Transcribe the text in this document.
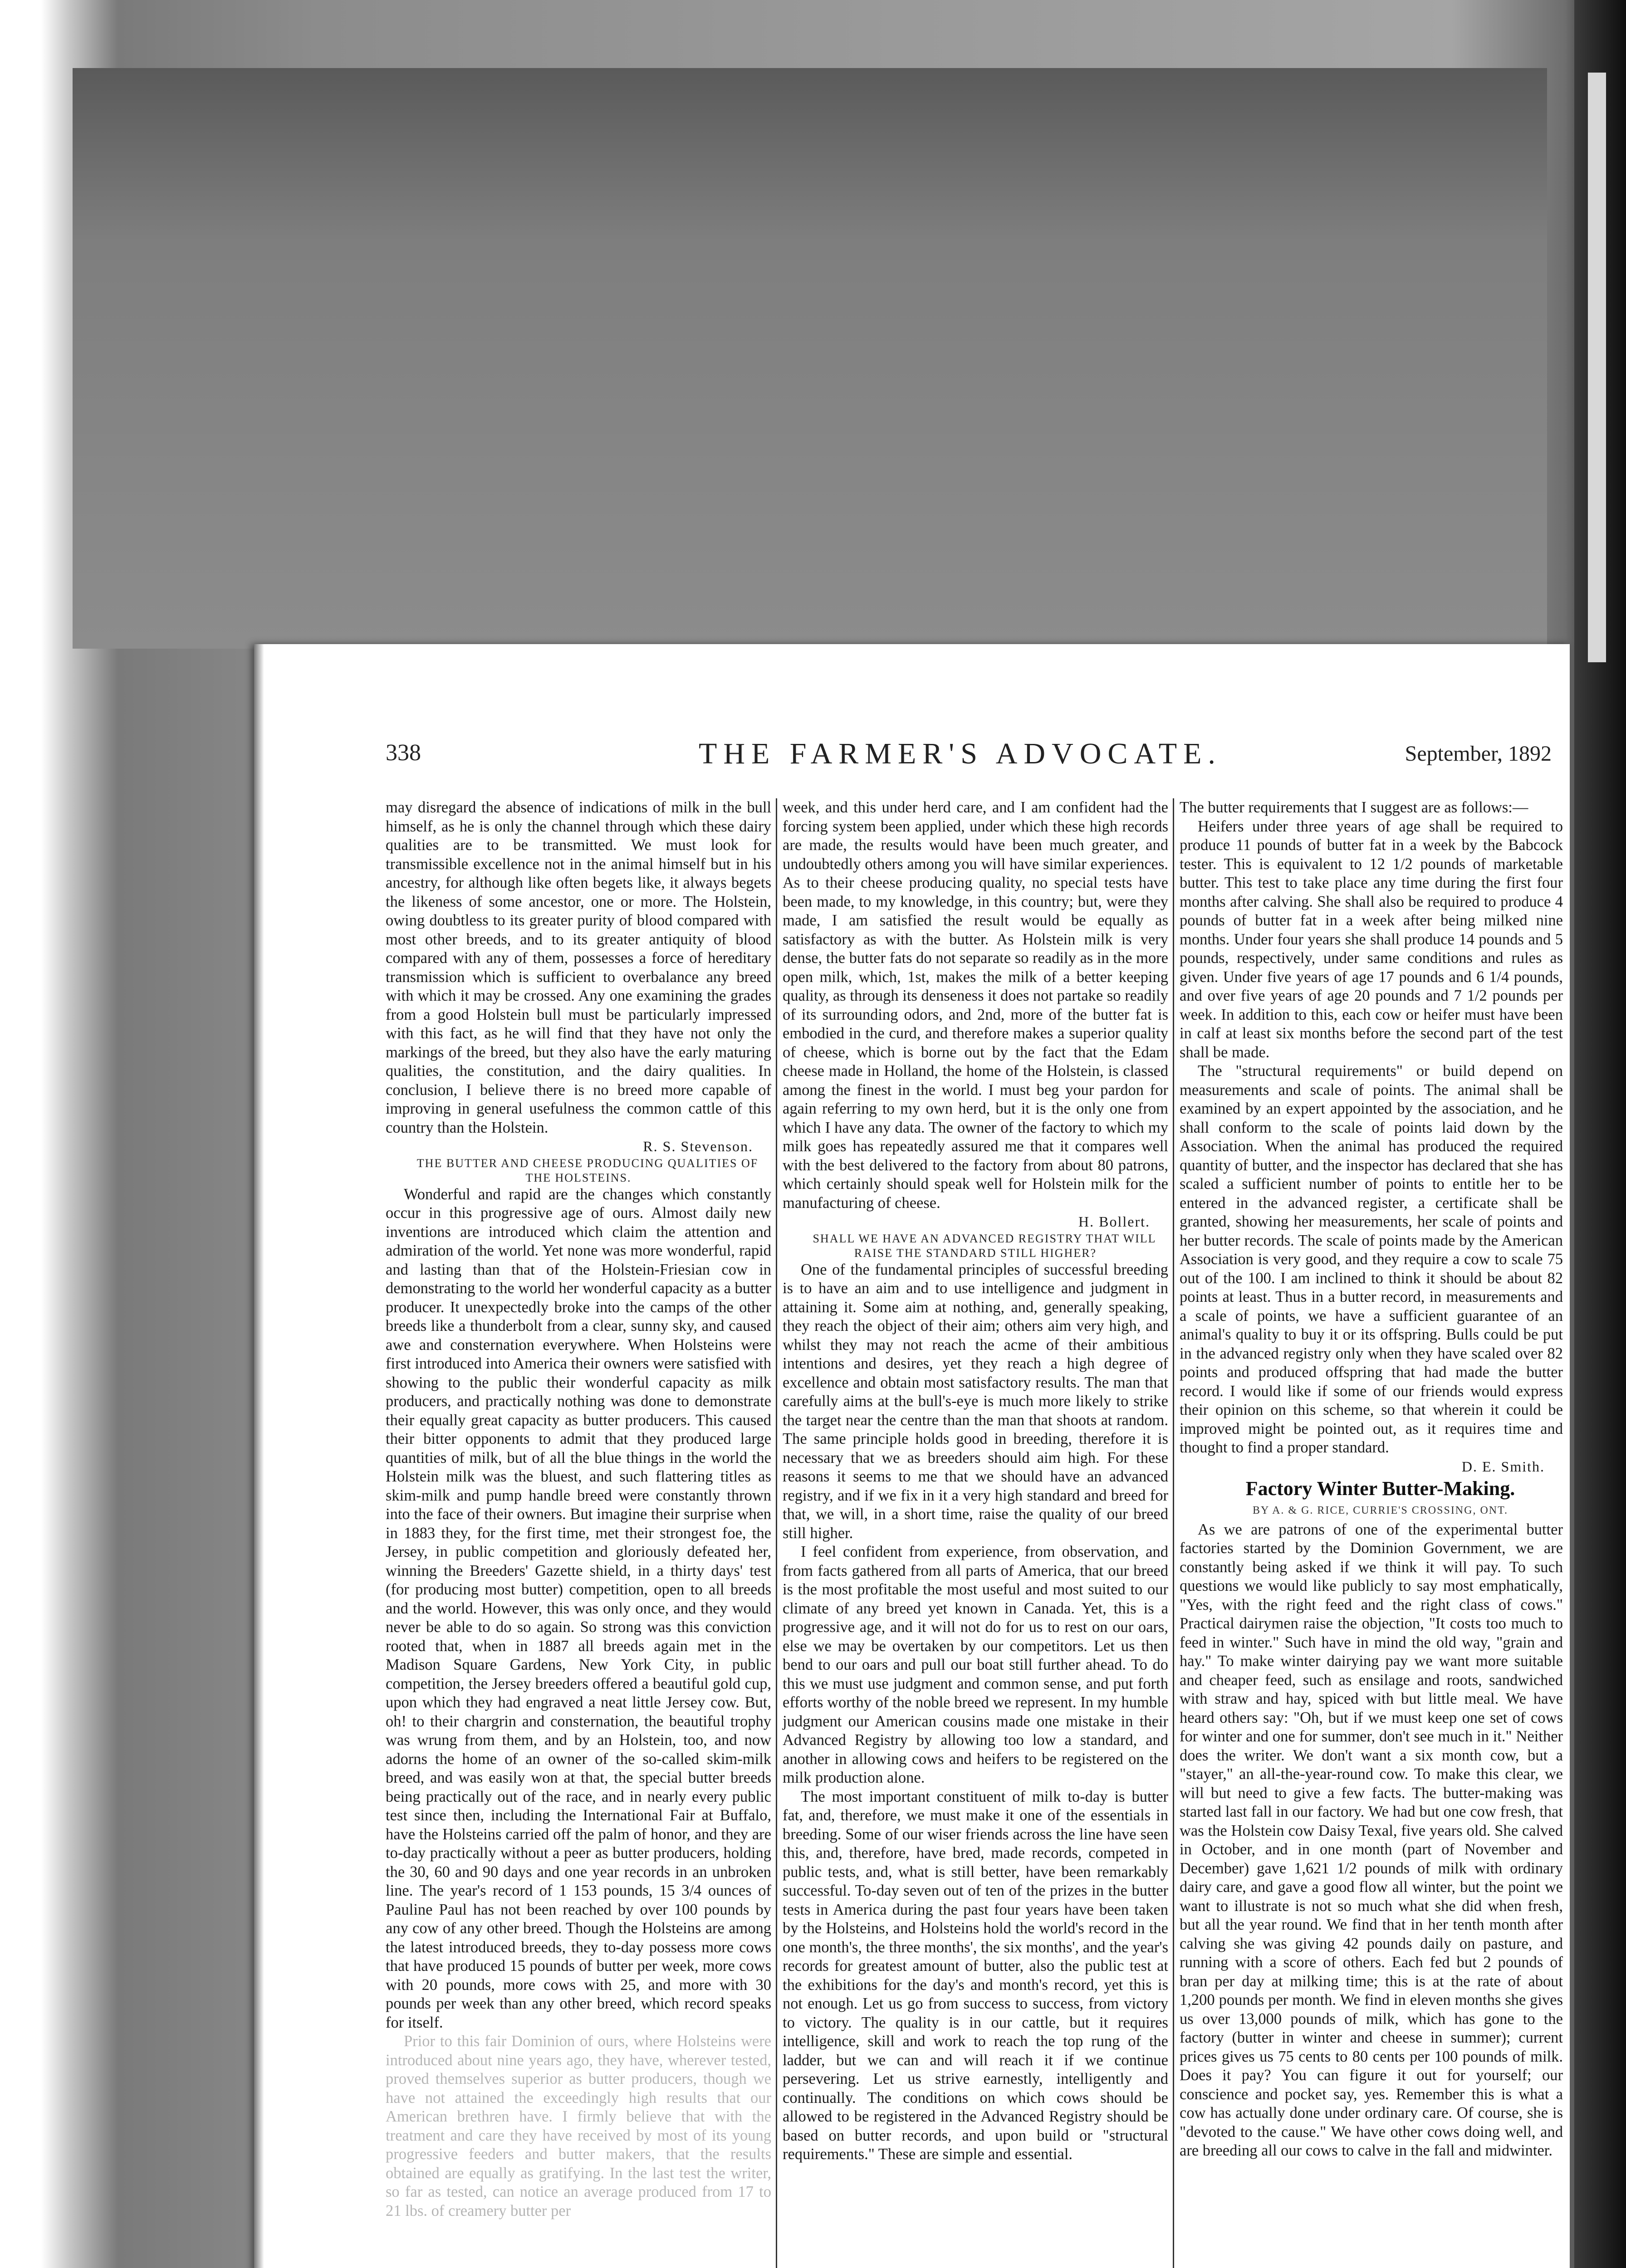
338	THE FARMER'S ADVOCATE.	September, 1892

may disregard the absence of indications of milk in the bull himself, as he is only the channel through which these dairy qualities are to be transmitted. We must look for transmissible excellence not in the animal himself but in his ancestry, for although like often begets like, it always begets the likeness of some ancestor, one or more. The Holstein, owing doubtless to its greater purity of blood compared with most other breeds, and to its greater antiquity of blood compared with any of them, possesses a force of hereditary transmission which is sufficient to overbalance any breed with which it may be crossed. Any one examining the grades from a good Holstein bull must be particularly impressed with this fact, as he will find that they have not only the markings of the breed, but they also have the early maturing qualities, the constitution, and the dairy qualities. In conclusion, I believe there is no breed more capable of improving in general usefulness the common cattle of this country than the Holstein.

R. S. Stevenson.

THE BUTTER AND CHEESE PRODUCING QUALITIES OF THE HOLSTEINS.

Wonderful and rapid are the changes which constantly occur in this progressive age of ours. Almost daily new inventions are introduced which claim the attention and admiration of the world. Yet none was more wonderful, rapid and lasting than that of the Holstein-Friesian cow in demonstrating to the world her wonderful capacity as a butter producer. It unexpectedly broke into the camps of the other breeds like a thunderbolt from a clear, sunny sky, and caused awe and consternation everywhere. When Holsteins were first introduced into America their owners were satisfied with showing to the public their wonderful capacity as milk producers, and practically nothing was done to demonstrate their equally great capacity as butter producers. This caused their bitter opponents to admit that they produced large quantities of milk, but of all the blue things in the world the Holstein milk was the bluest, and such flattering titles as skim-milk and pump handle breed were constantly thrown into the face of their owners. But imagine their surprise when in 1883 they, for the first time, met their strongest foe, the Jersey, in public competition and gloriously defeated her, winning the Breeders' Gazette shield, in a thirty days' test (for producing most butter) competition, open to all breeds and the world. However, this was only once, and they would never be able to do so again. So strong was this conviction rooted that, when in 1887 all breeds again met in the Madison Square Gardens, New York City, in public competition, the Jersey breeders offered a beautiful gold cup, upon which they had engraved a neat little Jersey cow. But, oh! to their chargrin and consternation, the beautiful trophy was wrung from them, and by an Holstein, too, and now adorns the home of an owner of the so-called skim-milk breed, and was easily won at that, the special butter breeds being practically out of the race, and in nearly every public test since then, including the International Fair at Buffalo, have the Holsteins carried off the palm of honor, and they are to-day practically without a peer as butter producers, holding the 30, 60 and 90 days and one year records in an unbroken line. The year's record of 1 153 pounds, 15 3/4 ounces of Pauline Paul has not been reached by over 100 pounds by any cow of any other breed. Though the Holsteins are among the latest introduced breeds, they to-day possess more cows that have produced 15 pounds of butter per week, more cows with 20 pounds, more cows with 25, and more with 30 pounds per week than any other breed, which record speaks for itself.

Prior to this fair Dominion of ours, where Holsteins were introduced about nine years ago, they have, wherever tested, proved themselves superior as butter producers, though we have not attained the exceedingly high results that our American brethren have. I firmly believe that with the treatment and care they have received by most of its young progressive feeders and butter makers, that the results obtained are equally as gratifying. In the last test the writer, so far as tested, can notice an average produced from 17 to 21 lbs. of creamery butter per

week, and this under herd care, and I am confident had the forcing system been applied, under which these high records are made, the results would have been much greater, and undoubtedly others among you will have similar experiences. As to their cheese producing quality, no special tests have been made, to my knowledge, in this country; but, were they made, I am satisfied the result would be equally as satisfactory as with the butter. As Holstein milk is very dense, the butter fats do not separate so readily as in the more open milk, which, 1st, makes the milk of a better keeping quality, as through its denseness it does not partake so readily of its surrounding odors, and 2nd, more of the butter fat is embodied in the curd, and therefore makes a superior quality of cheese, which is borne out by the fact that the Edam cheese made in Holland, the home of the Holstein, is classed among the finest in the world. I must beg your pardon for again referring to my own herd, but it is the only one from which I have any data. The owner of the factory to which my milk goes has repeatedly assured me that it compares well with the best delivered to the factory from about 80 patrons, which certainly should speak well for Holstein milk for the manufacturing of cheese.

H. Bollert.

SHALL WE HAVE AN ADVANCED REGISTRY THAT WILL RAISE THE STANDARD STILL HIGHER?

One of the fundamental principles of successful breeding is to have an aim and to use intelligence and judgment in attaining it. Some aim at nothing, and, generally speaking, they reach the object of their aim; others aim very high, and whilst they may not reach the acme of their ambitious intentions and desires, yet they reach a high degree of excellence and obtain most satisfactory results. The man that carefully aims at the bull's-eye is much more likely to strike the target near the centre than the man that shoots at random. The same principle holds good in breeding, therefore it is necessary that we as breeders should aim high. For these reasons it seems to me that we should have an advanced registry, and if we fix in it a very high standard and breed for that, we will, in a short time, raise the quality of our breed still higher.

I feel confident from experience, from observation, and from facts gathered from all parts of America, that our breed is the most profitable the most useful and most suited to our climate of any breed yet known in Canada. Yet, this is a progressive age, and it will not do for us to rest on our oars, else we may be overtaken by our competitors. Let us then bend to our oars and pull our boat still further ahead. To do this we must use judgment and common sense, and put forth efforts worthy of the noble breed we represent. In my humble judgment our American cousins made one mistake in their Advanced Registry by allowing too low a standard, and another in allowing cows and heifers to be registered on the milk production alone.

The most important constituent of milk to-day is butter fat, and, therefore, we must make it one of the essentials in breeding. Some of our wiser friends across the line have seen this, and, therefore, have bred, made records, competed in public tests, and, what is still better, have been remarkably successful. To-day seven out of ten of the prizes in the butter tests in America during the past four years have been taken by the Holsteins, and Holsteins hold the world's record in the one month's, the three months', the six months', and the year's records for greatest amount of butter, also the public test at the exhibitions for the day's and month's record, yet this is not enough. Let us go from success to success, from victory to victory. The quality is in our cattle, but it requires intelligence, skill and work to reach the top rung of the ladder, but we can and will reach it if we continue persevering. Let us strive earnestly, intelligently and continually. The conditions on which cows should be allowed to be registered in the Advanced Registry should be based on butter records, and upon build or "structural requirements." These are simple and essential.

The butter requirements that I suggest are as follows:—

Heifers under three years of age shall be required to produce 11 pounds of butter fat in a week by the Babcock tester. This is equivalent to 12 1/2 pounds of marketable butter. This test to take place any time during the first four months after calving. She shall also be required to produce 4 pounds of butter fat in a week after being milked nine months. Under four years she shall produce 14 pounds and 5 pounds, respectively, under same conditions and rules as given. Under five years of age 17 pounds and 6 1/4 pounds, and over five years of age 20 pounds and 7 1/2 pounds per week. In addition to this, each cow or heifer must have been in calf at least six months before the second part of the test shall be made.

The "structural requirements" or build depend on measurements and scale of points. The animal shall be examined by an expert appointed by the association, and he shall conform to the scale of points laid down by the Association. When the animal has produced the required quantity of butter, and the inspector has declared that she has scaled a sufficient number of points to entitle her to be entered in the advanced register, a certificate shall be granted, showing her measurements, her scale of points and her butter records. The scale of points made by the American Association is very good, and they require a cow to scale 75 out of the 100. I am inclined to think it should be about 82 points at least. Thus in a butter record, in measurements and a scale of points, we have a sufficient guarantee of an animal's quality to buy it or its offspring. Bulls could be put in the advanced registry only when they have scaled over 82 points and produced offspring that had made the butter record. I would like if some of our friends would express their opinion on this scheme, so that wherein it could be improved might be pointed out, as it requires time and thought to find a proper standard.

D. E. Smith.

Factory Winter Butter-Making.

BY A. & G. RICE, CURRIE'S CROSSING, ONT.

As we are patrons of one of the experimental butter factories started by the Dominion Government, we are constantly being asked if we think it will pay. To such questions we would like publicly to say most emphatically, "Yes, with the right feed and the right class of cows." Practical dairymen raise the objection, "It costs too much to feed in winter." Such have in mind the old way, "grain and hay." To make winter dairying pay we want more suitable and cheaper feed, such as ensilage and roots, sandwiched with straw and hay, spiced with but little meal. We have heard others say: "Oh, but if we must keep one set of cows for winter and one for summer, don't see much in it." Neither does the writer. We don't want a six month cow, but a "stayer," an all-the-year-round cow. To make this clear, we will but need to give a few facts. The butter-making was started last fall in our factory. We had but one cow fresh, that was the Holstein cow Daisy Texal, five years old. She calved in October, and in one month (part of November and December) gave 1,621 1/2 pounds of milk with ordinary dairy care, and gave a good flow all winter, but the point we want to illustrate is not so much what she did when fresh, but all the year round. We find that in her tenth month after calving she was giving 42 pounds daily on pasture, and running with a score of others. Each fed but 2 pounds of bran per day at milking time; this is at the rate of about 1,200 pounds per month. We find in eleven months she gives us over 13,000 pounds of milk, which has gone to the factory (butter in winter and cheese in summer); current prices gives us 75 cents to 80 cents per 100 pounds of milk. Does it pay? You can figure it out for yourself; our conscience and pocket say, yes. Remember this is what a cow has actually done under ordinary care. Of course, she is "devoted to the cause." We have other cows doing well, and are breeding all our cows to calve in the fall and midwinter.
